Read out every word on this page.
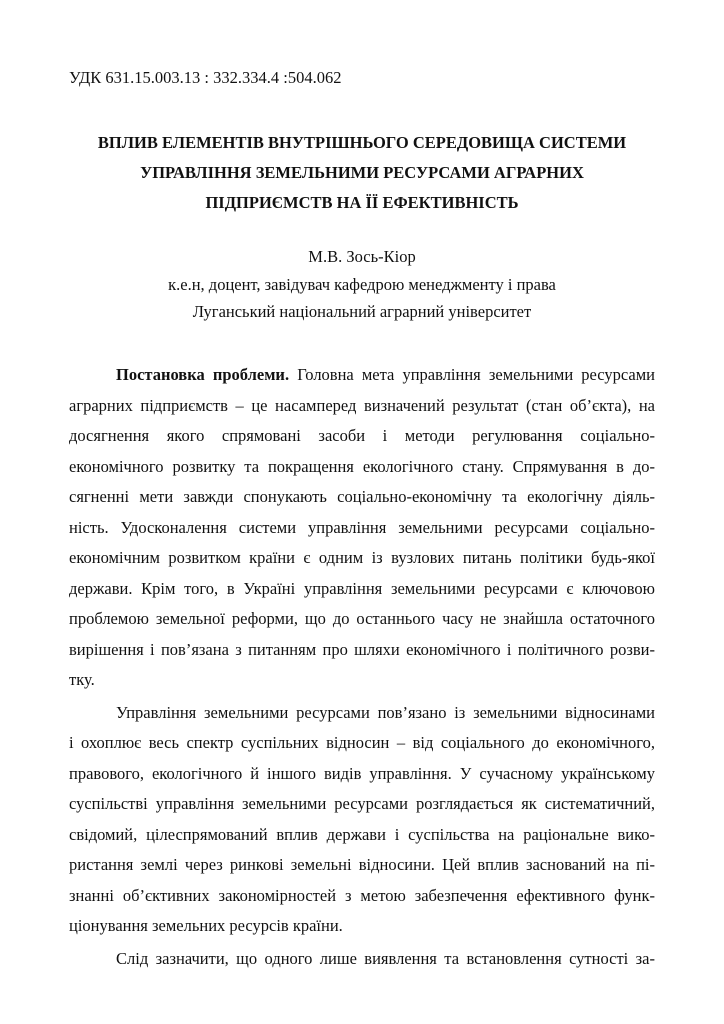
УДК 631.15.003.13 : 332.334.4 :504.062
ВПЛИВ ЕЛЕМЕНТІВ ВНУТРІШНЬОГО СЕРЕДОВИЩА СИСТЕМИ
УПРАВЛІННЯ ЗЕМЕЛЬНИМИ РЕСУРСАМИ АГРАРНИХ
ПІДПРИЄМСТВ НА ЇЇ ЕФЕКТИВНІСТЬ
М.В. Зось-Кіор
к.е.н, доцент, завідувач кафедрою менеджменту і права
Луганський національний аграрний університет
Постановка проблеми. Головна мета управління земельними ресурсами
аграрних підприємств – це насамперед визначений результат (стан об’єкта), на
досягнення якого спрямовані засоби і методи регулювання соціально-
економічного розвитку та покращення екологічного стану. Спрямування в до-
сягненні мети завжди спонукають соціально-економічну та екологічну діяль-
ність. Удосконалення системи управління земельними ресурсами соціально-
економічним розвитком країни є одним із вузлових питань політики будь-якої
держави. Крім того, в Україні управління земельними ресурсами є ключовою
проблемою земельної реформи, що до останнього часу не знайшла остаточного
вирішення і пов’язана з питанням про шляхи економічного і політичного розви-
тку.
Управління земельними ресурсами пов’язано із земельними відносинами
і охоплює весь спектр суспільних відносин – від соціального до економічного,
правового, екологічного й іншого видів управління. У сучасному українському
суспільстві управління земельними ресурсами розглядається як систематичний,
свідомий, цілеспрямований вплив держави і суспільства на раціональне вико-
ристання землі через ринкові земельні відносини. Цей вплив заснований на пі-
знанні об’єктивних закономірностей з метою забезпечення ефективного функ-
ціонування земельних ресурсів країни.
Слід зазначити, що одного лише виявлення та встановлення сутності за-
